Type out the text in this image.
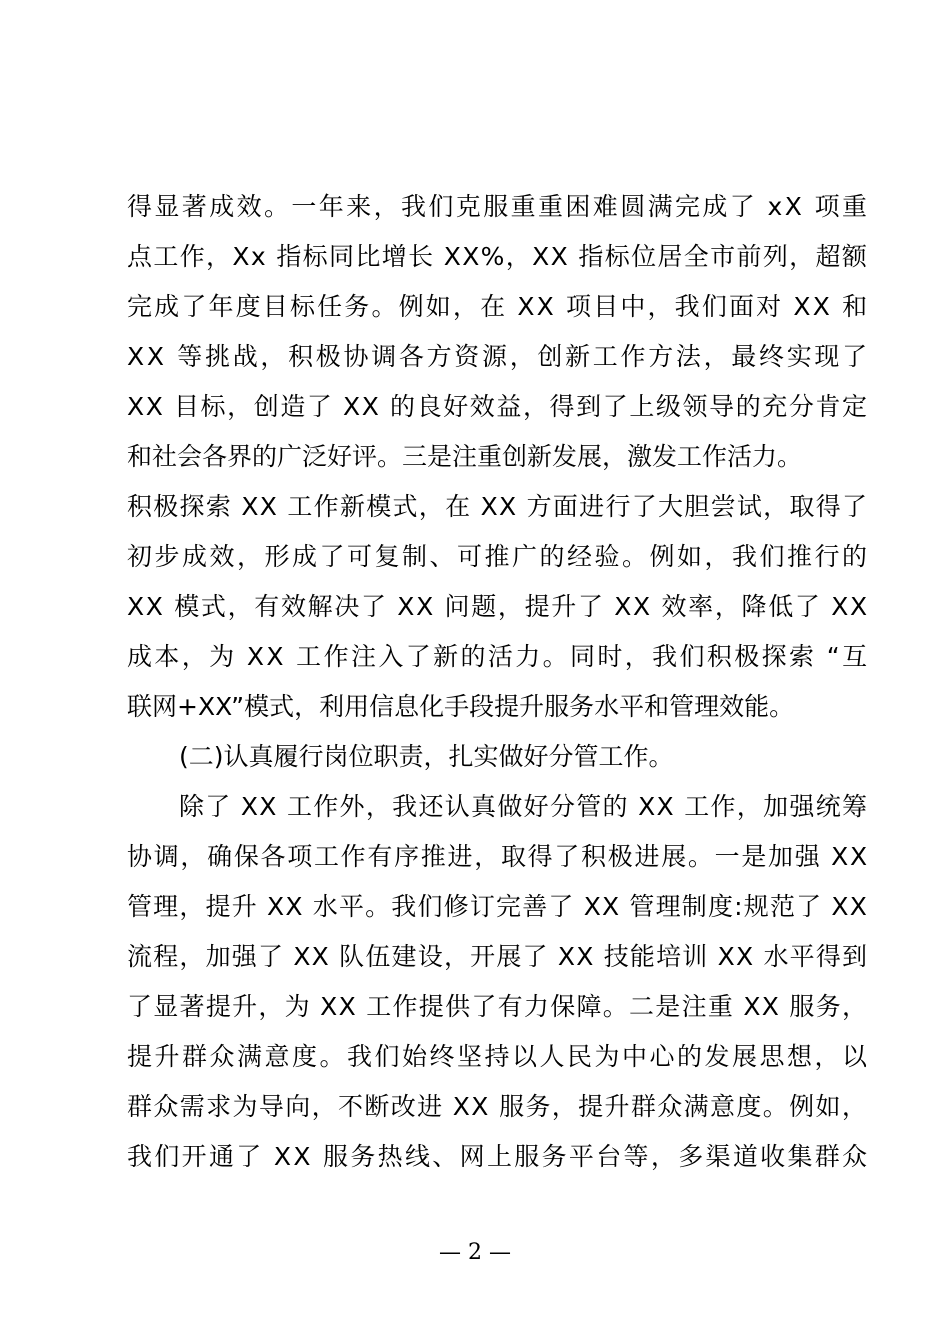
得显著成效。一年来，我们克服重重困难圆满完成了 xX 项重
点工作，Xx 指标同比增长 XX%，XX 指标位居全市前列，超额
完成了年度目标任务。例如，在 XX 项目中，我们面对 XX 和
XX 等挑战，积极协调各方资源，创新工作方法，最终实现了
XX 目标，创造了 XX 的良好效益，得到了上级领导的充分肯定
和社会各界的广泛好评。三是注重创新发展，激发工作活力。
积极探索 XX 工作新模式，在 XX 方面进行了大胆尝试，取得了
初步成效，形成了可复制、可推广的经验。例如，我们推行的
XX 模式，有效解决了 XX 问题，提升了 XX 效率，降低了 XX
成本，为 XX 工作注入了新的活力。同时，我们积极探索 “互
联网+XX”模式，利用信息化手段提升服务水平和管理效能。
(二)认真履行岗位职责，扎实做好分管工作。
除了 XX 工作外，我还认真做好分管的 XX 工作，加强统筹
协调，确保各项工作有序推进，取得了积极进展。一是加强 XX
管理，提升 XX 水平。我们修订完善了 XX 管理制度:规范了 XX
流程，加强了 XX 队伍建设，开展了 XX 技能培训 XX 水平得到
了显著提升，为 XX 工作提供了有力保障。二是注重 XX 服务，
提升群众满意度。我们始终坚持以人民为中心的发展思想，以
群众需求为导向，不断改进 XX 服务，提升群众满意度。例如，
我们开通了 XX 服务热线、网上服务平台等，多渠道收集群众
— 2 —
